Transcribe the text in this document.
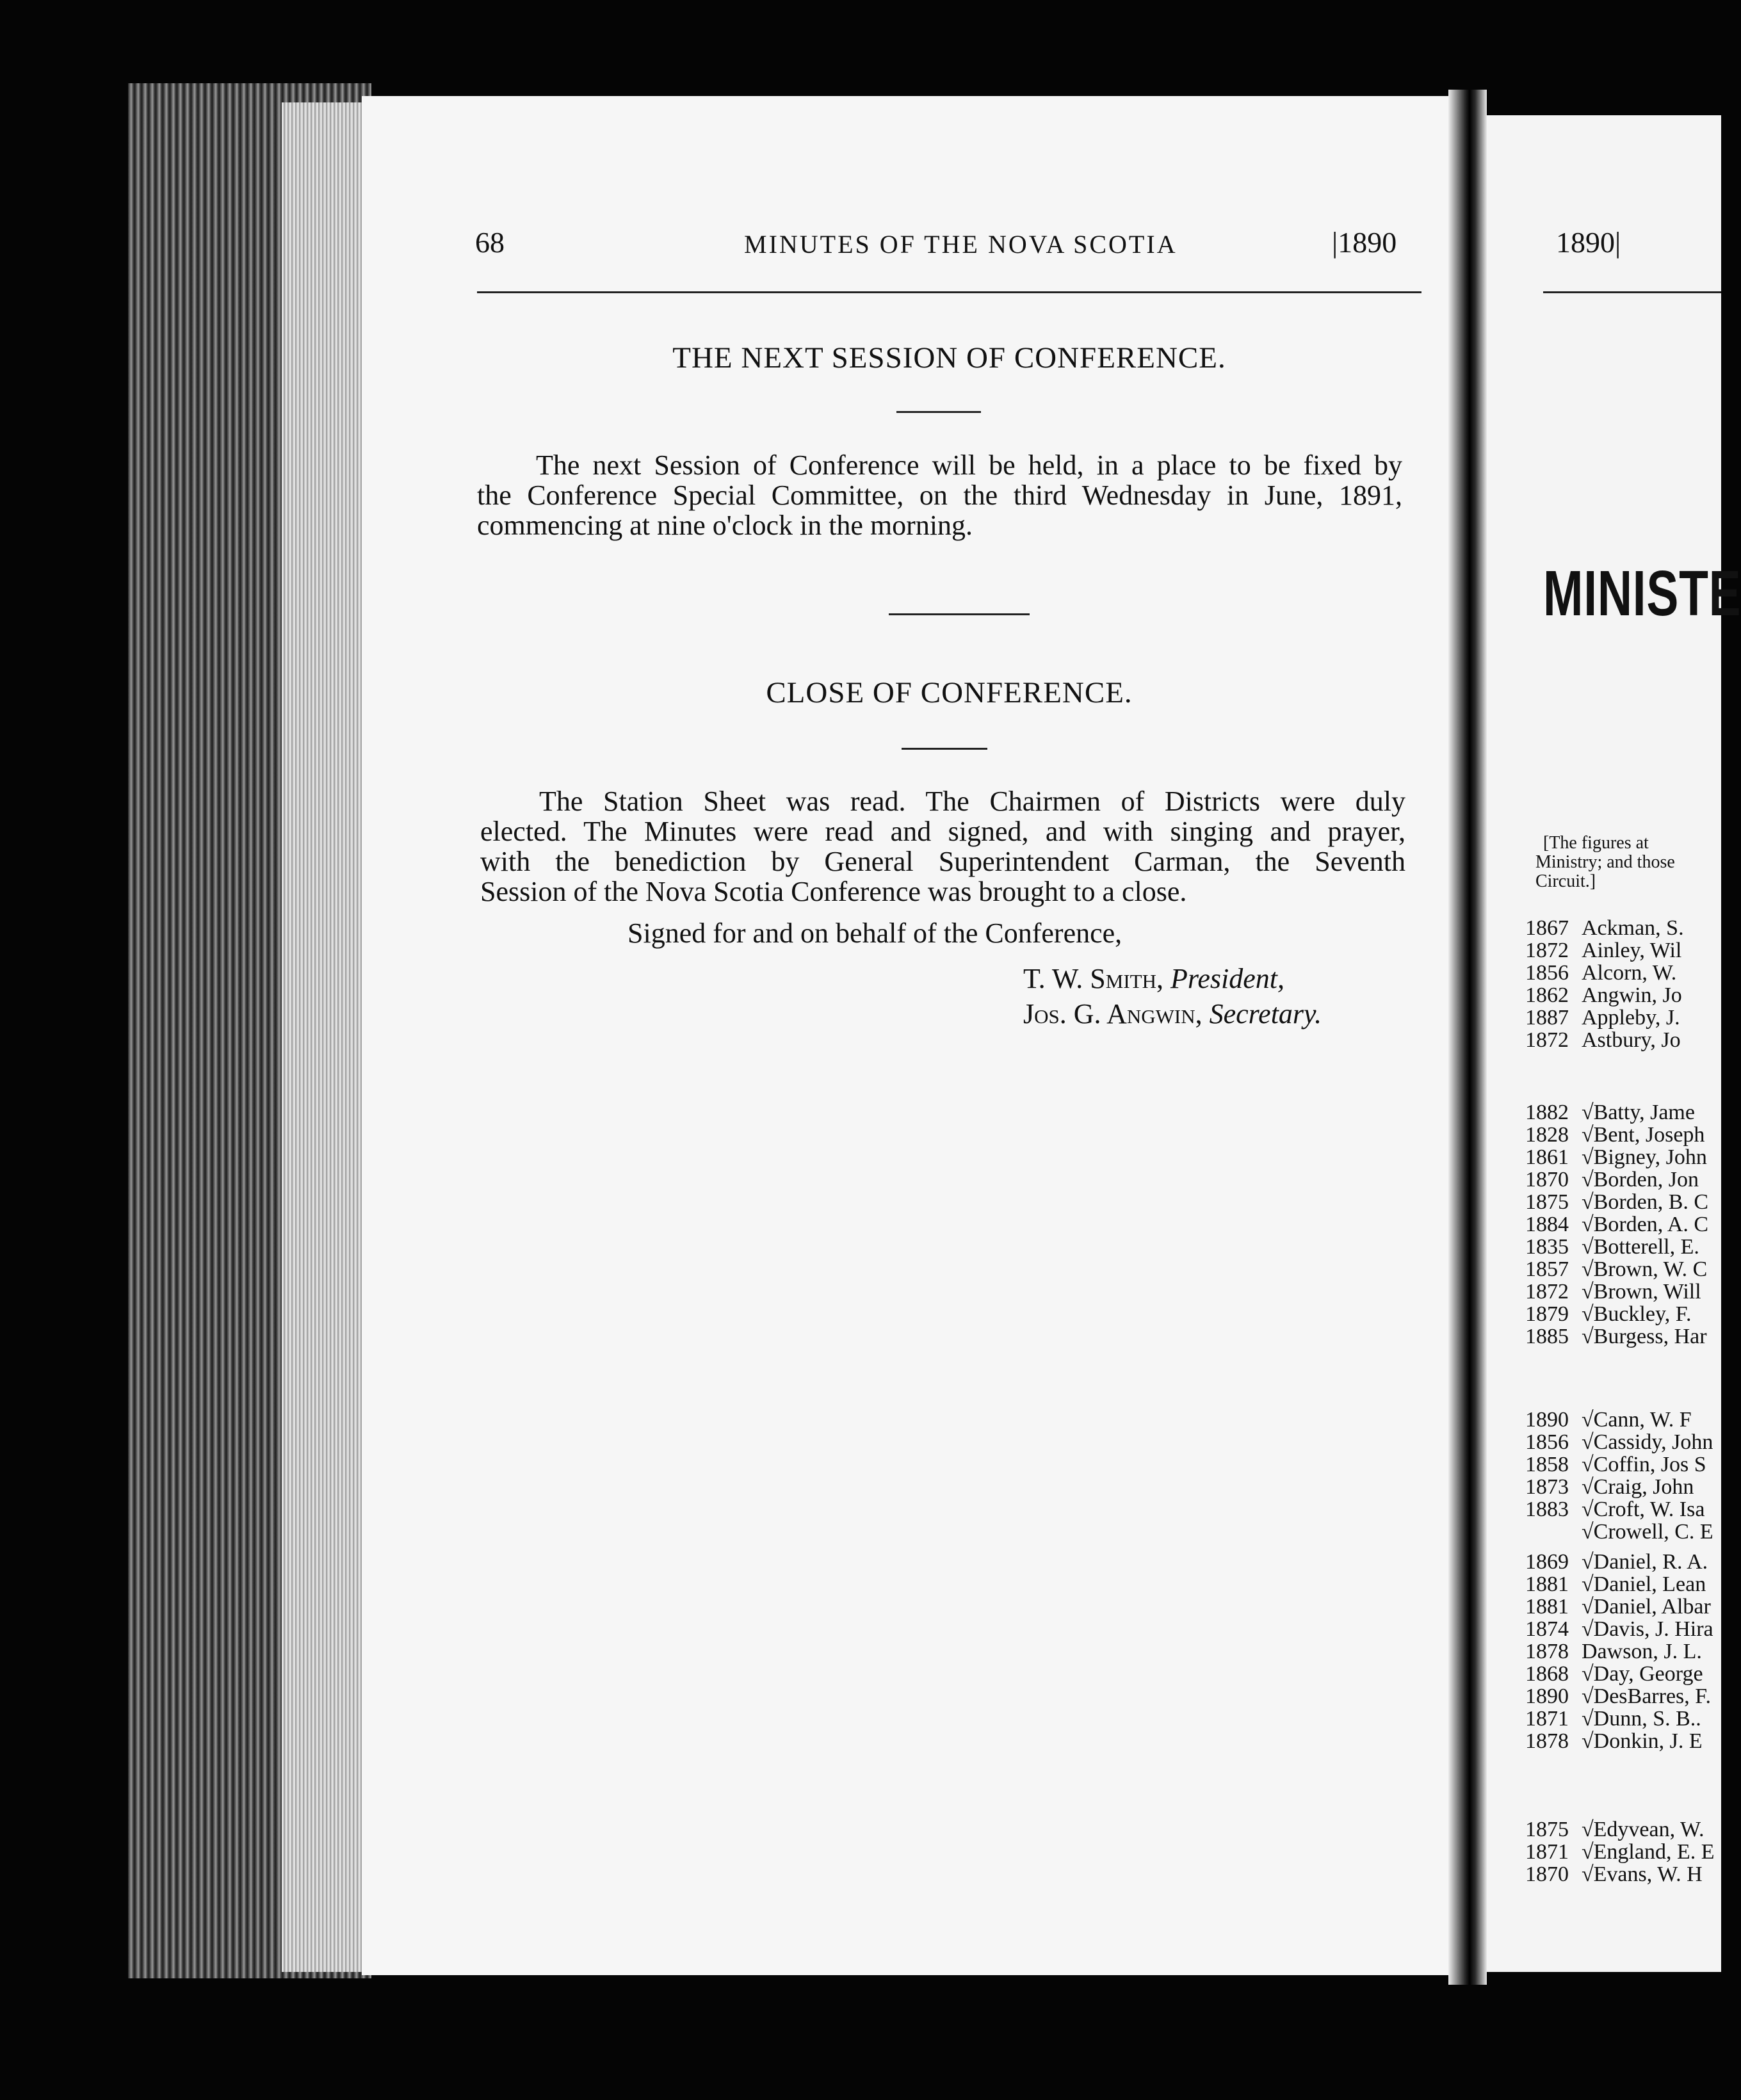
68	MINUTES OF THE NOVA SCOTIA	|1890
THE NEXT SESSION OF CONFERENCE.
The next Session of Conference will be held, in a place to be fixed by
the Conference Special Committee, on the third Wednesday in June, 1891,
commencing at nine o'clock in the morning.
CLOSE OF CONFERENCE.
The Station Sheet was read. The Chairmen of Districts were duly
elected. The Minutes were read and signed, and with singing and prayer,
with the benediction by General Superintendent Carman, the Seventh
Session of the Nova Scotia Conference was brought to a close.
Signed for and on behalf of the Conference,
T. W. Smith, President,
Jos. G. Angwin, Secretary.
1890|
MINISTE
[The figures at
Ministry; and those
Circuit.]
1867 Ackman, S.
1872 Ainley, Wil
1856 Alcorn, W.
1862 Angwin, Jo
1887 Appleby, J.
1872 Astbury, Jo
1882 √Batty, Jame
1828 √Bent, Joseph
1861 √Bigney, John
1870 √Borden, Jon
1875 √Borden, B. C
1884 √Borden, A. C
1835 √Botterell, E.
1857 √Brown, W. C
1872 √Brown, Will
1879 √Buckley, F.
1885 √Burgess, Har
1890 √Cann, W. F
1856 √Cassidy, John
1858 √Coffin, Jos S
1873 √Craig, John
1883 √Croft, W. Isa
√Crowell, C. E
1869 √Daniel, R. A.
1881 √Daniel, Lean
1881 √Daniel, Albar
1874 √Davis, J. Hira
1878 Dawson, J. L.
1868 √Day, George
1890 √DesBarres, F.
1871 √Dunn, S. B..
1878 √Donkin, J. E
1875 √Edyvean, W.
1871 √England, E. E
1870 √Evans, W. H
